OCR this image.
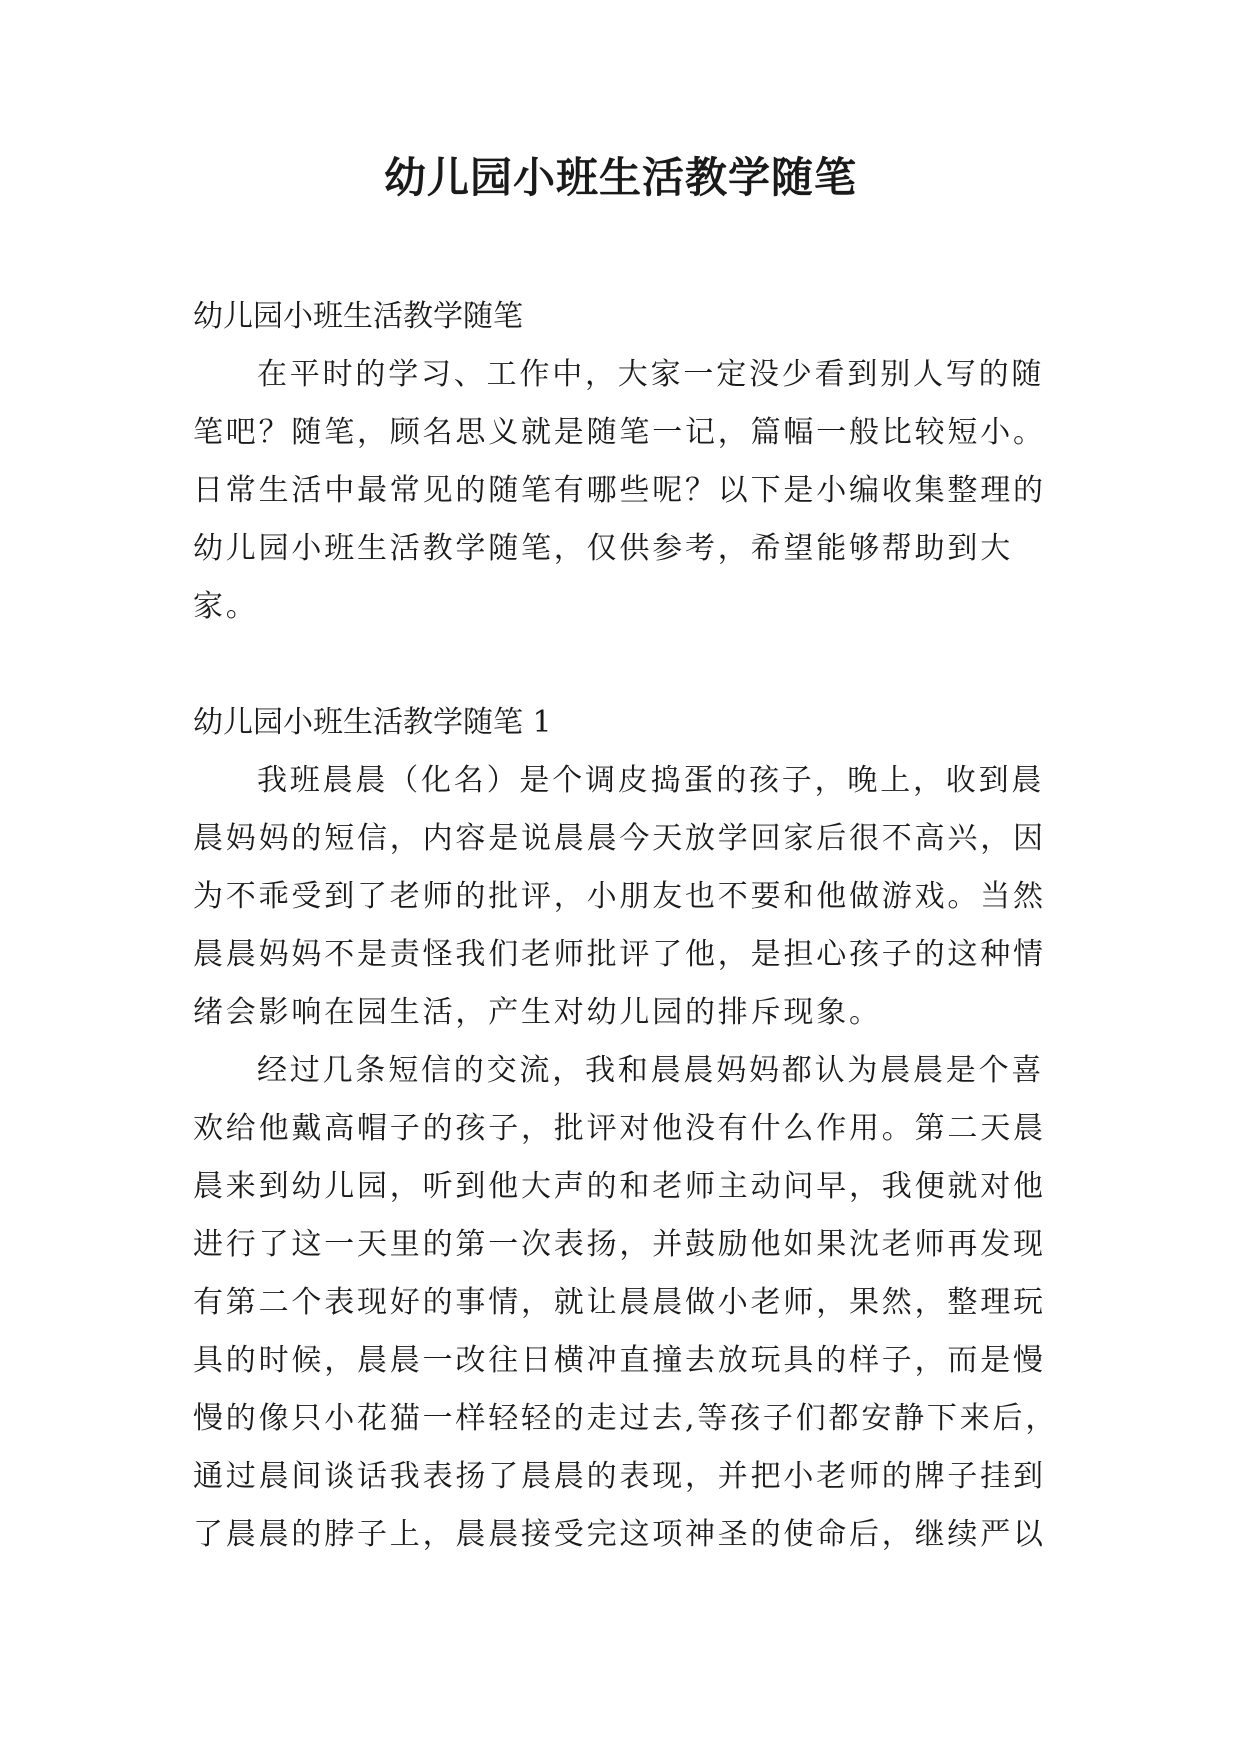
幼儿园小班生活教学随笔

幼儿园小班生活教学随笔

在平时的学习、工作中，大家一定没少看到别人写的随笔吧？随笔，顾名思义就是随笔一记，篇幅一般比较短小。日常生活中最常见的随笔有哪些呢？以下是小编收集整理的幼儿园小班生活教学随笔，仅供参考，希望能够帮助到大家。

幼儿园小班生活教学随笔 1

我班晨晨（化名）是个调皮捣蛋的孩子，晚上，收到晨晨妈妈的短信，内容是说晨晨今天放学回家后很不高兴，因为不乖受到了老师的批评，小朋友也不要和他做游戏。当然晨晨妈妈不是责怪我们老师批评了他，是担心孩子的这种情绪会影响在园生活，产生对幼儿园的排斥现象。

经过几条短信的交流，我和晨晨妈妈都认为晨晨是个喜欢给他戴高帽子的孩子，批评对他没有什么作用。第二天晨晨来到幼儿园，听到他大声的和老师主动问早，我便就对他进行了这一天里的第一次表扬，并鼓励他如果沈老师再发现有第二个表现好的事情，就让晨晨做小老师，果然，整理玩具的时候，晨晨一改往日横冲直撞去放玩具的样子，而是慢慢的像只小花猫一样轻轻的走过去,等孩子们都安静下来后，通过晨间谈话我表扬了晨晨的表现，并把小老师的牌子挂到了晨晨的脖子上，晨晨接受完这项神圣的使命后，继续严以
